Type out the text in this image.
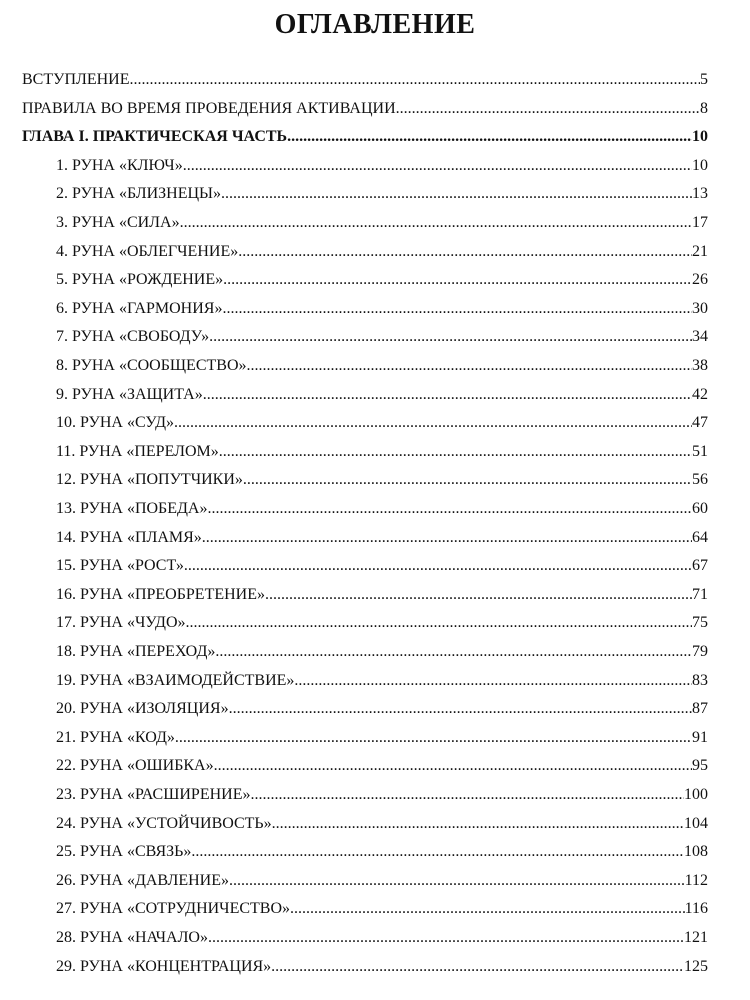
ОГЛАВЛЕНИЕ
ВСТУПЛЕНИЕ .....	5
ПРАВИЛА ВО ВРЕМЯ ПРОВЕДЕНИЯ АКТИВАЦИИ .....	8
ГЛАВА I. ПРАКТИЧЕСКАЯ ЧАСТЬ .....	10
1. РУНА «КЛЮЧ» .....	10
2. РУНА «БЛИЗНЕЦЫ» .....	13
3. РУНА «СИЛА» .....	17
4. РУНА «ОБЛЕГЧЕНИЕ» .....	21
5. РУНА «РОЖДЕНИЕ» .....	26
6. РУНА «ГАРМОНИЯ» .....	30
7. РУНА «СВОБОДУ» .....	34
8. РУНА «СООБЩЕСТВО» .....	38
9. РУНА «ЗАЩИТА» .....	42
10. РУНА «СУД» .....	47
11. РУНА «ПЕРЕЛОМ» .....	51
12. РУНА «ПОПУТЧИКИ» .....	56
13. РУНА «ПОБЕДА» .....	60
14. РУНА «ПЛАМЯ» .....	64
15. РУНА «РОСТ» .....	67
16. РУНА «ПРЕОБРЕТЕНИЕ» .....	71
17. РУНА «ЧУДО» .....	75
18. РУНА «ПЕРЕХОД» .....	79
19. РУНА «ВЗАИМОДЕЙСТВИЕ» .....	83
20. РУНА «ИЗОЛЯЦИЯ» .....	87
21. РУНА «КОД» .....	91
22. РУНА «ОШИБКА» .....	95
23. РУНА «РАСШИРЕНИЕ» .....	100
24. РУНА «УСТОЙЧИВОСТЬ» .....	104
25. РУНА «СВЯЗЬ» .....	108
26. РУНА «ДАВЛЕНИЕ» .....	112
27. РУНА «СОТРУДНИЧЕСТВО» .....	116
28. РУНА «НАЧАЛО» .....	121
29. РУНА «КОНЦЕНТРАЦИЯ» .....	125
